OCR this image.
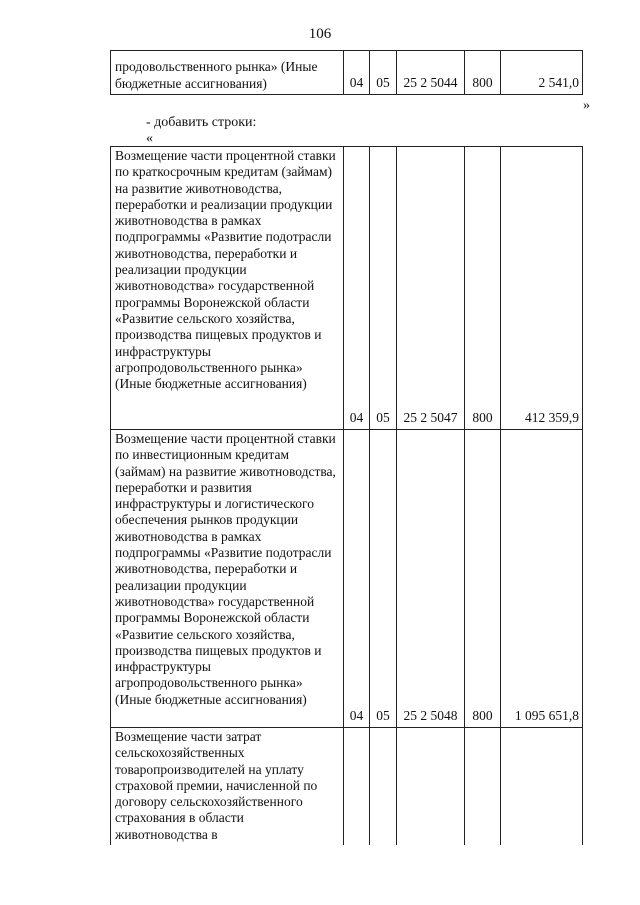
106
продовольственного рынка» (Иные бюджетные ассигнования)	04	05	25 2 5044	800	2 541,0
»
- добавить строки:
«
Возмещение части процентной ставки по краткосрочным кредитам (займам) на развитие животноводства, переработки и реализации продукции животноводства в рамках подпрограммы «Развитие подотрасли животноводства, переработки и реализации продукции животноводства» государственной программы Воронежской области «Развитие сельского хозяйства, производства пищевых продуктов и инфраструктуры агропродовольственного рынка» (Иные бюджетные ассигнования)	04	05	25 2 5047	800	412 359,9
Возмещение части процентной ставки по инвестиционным кредитам (займам) на развитие животноводства, переработки и развития инфраструктуры и логистического обеспечения рынков продукции животноводства в рамках подпрограммы «Развитие подотрасли животноводства, переработки и реализации продукции животноводства» государственной программы Воронежской области «Развитие сельского хозяйства, производства пищевых продуктов и инфраструктуры агропродовольственного рынка» (Иные бюджетные ассигнования)	04	05	25 2 5048	800	1 095 651,8
Возмещение части затрат сельскохозяйственных товаропроизводителей на уплату страховой премии, начисленной по договору сельскохозяйственного страхования в области животноводства в					
